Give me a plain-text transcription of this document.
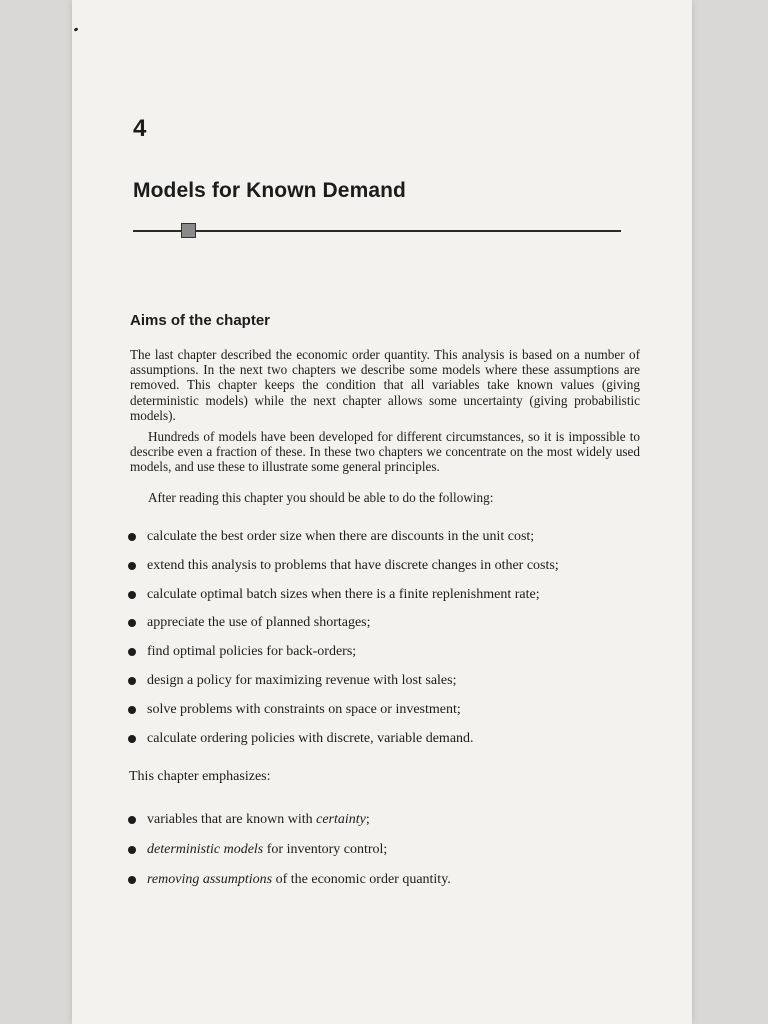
4
Models for Known Demand
Aims of the chapter

The last chapter described the economic order quantity. This analysis is based on a number of assumptions. In the next two chapters we describe some models where these assumptions are removed. This chapter keeps the condition that all variables take known values (giving deterministic models) while the next chapter allows some uncertainty (giving probabilistic models).

Hundreds of models have been developed for different circumstances, so it is impossible to describe even a fraction of these. In these two chapters we concentrate on the most widely used models, and use these to illustrate some general principles.

After reading this chapter you should be able to do the following:

calculate the best order size when there are discounts in the unit cost;
extend this analysis to problems that have discrete changes in other costs;
calculate optimal batch sizes when there is a finite replenishment rate;
appreciate the use of planned shortages;
find optimal policies for back-orders;
design a policy for maximizing revenue with lost sales;
solve problems with constraints on space or investment;
calculate ordering policies with discrete, variable demand.

This chapter emphasizes:

variables that are known with certainty;
deterministic models for inventory control;
removing assumptions of the economic order quantity.
